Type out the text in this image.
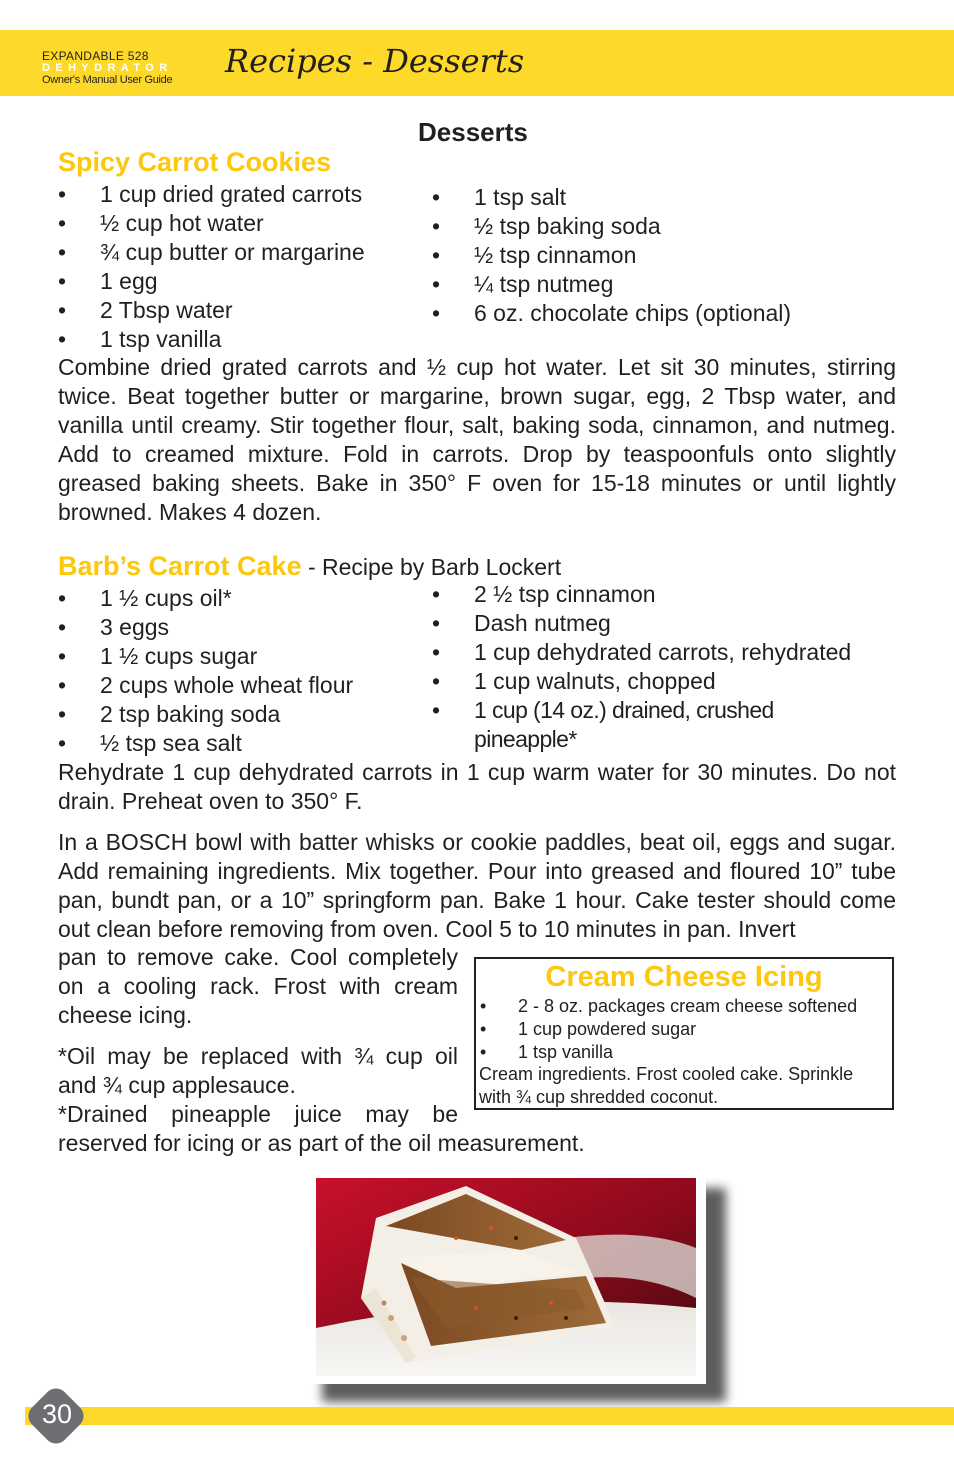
EXPANDABLE 528
DEHYDRATOR
Owner's Manual User Guide Recipes - Desserts
Desserts
Spicy Carrot Cookies
• 1 cup dried grated carrots
• ½ cup hot water
• ¾ cup butter or margarine
• 1 egg
• 2 Tbsp water
• 1 tsp vanilla
• 1 tsp salt
• ½ tsp baking soda
• ½ tsp cinnamon
• ¼ tsp nutmeg
• 6 oz. chocolate chips (optional)
Combine dried grated carrots and ½ cup hot water. Let sit 30 minutes, stirring twice. Beat together butter or margarine, brown sugar, egg, 2 Tbsp water, and vanilla until creamy. Stir together flour, salt, baking soda, cinnamon, and nutmeg. Add to creamed mixture. Fold in carrots. Drop by teaspoonfuls onto slightly greased baking sheets. Bake in 350° F oven for 15-18 minutes or until lightly browned. Makes 4 dozen.
Barb’s Carrot Cake - Recipe by Barb Lockert
• 1 ½ cups oil*
• 3 eggs
• 1 ½ cups sugar
• 2 cups whole wheat flour
• 2 tsp baking soda
• ½ tsp sea salt
• 2 ½ tsp cinnamon
• Dash nutmeg
• 1 cup dehydrated carrots, rehydrated
• 1 cup walnuts, chopped
• 1 cup (14 oz.) drained, crushed
pineapple*
Rehydrate 1 cup dehydrated carrots in 1 cup warm water for 30 minutes. Do not drain. Preheat oven to 350° F.
In a BOSCH bowl with batter whisks or cookie paddles, beat oil, eggs and sugar. Add remaining ingredients. Mix together. Pour into greased and floured 10” tube pan, bundt pan, or a 10” springform pan. Bake 1 hour. Cake tester should come out clean before removing from oven. Cool 5 to 10 minutes in pan. Invert
pan to remove cake. Cool completely on a cooling rack. Frost with cream cheese icing.
*Oil may be replaced with ¾ cup oil and ¾ cup applesauce.
*Drained pineapple juice may be
reserved for icing or as part of the oil measurement.
Cream Cheese Icing
• 2 - 8 oz. packages cream cheese softened
• 1 cup powdered sugar
• 1 tsp vanilla
Cream ingredients. Frost cooled cake. Sprinkle with ¾ cup shredded coconut.
30
